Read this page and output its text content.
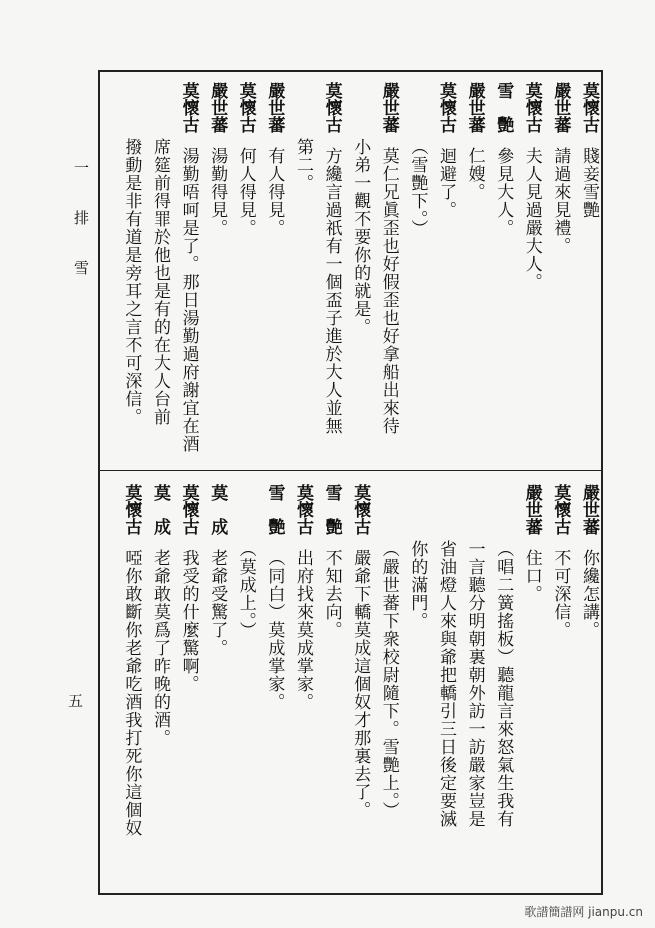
一　排　雪
五
莫懷古賤妾雪艷
嚴世蕃請過來見禮。
莫懷古夫人見過嚴大人。
雪　艷參見大人。
嚴世蕃仁嫂。
莫懷古迴避了。
（雪艷下。）
嚴世蕃莫仁兄眞歪也好假歪也好拿船出來待
小弟一觀不要你的就是。
莫懷古方纔言過祇有一個盃子進於大人並無
第二。
嚴世蕃有人得見。
莫懷古何人得見。
嚴世蕃湯勤得見。
莫懷古湯勤唔呵是了。那日湯勤過府謝宜在酒
席筵前得罪於他也是有的在大人台前
撥動是非有道是旁耳之言不可深信。
嚴世蕃你纔怎講。
莫懷古不可深信。
嚴世蕃住口。
（唱二簧搖板）聽龍言來怒氣生我有
一言聽分明朝裏朝外訪一訪嚴家豈是
省油燈人來與爺把轎引三日後定要滅
你的滿門。
（嚴世蕃下衆校尉隨下。雪艷上。）
莫懷古嚴爺下轎莫成這個奴才那裏去了。
雪　艷不知去向。
莫懷古出府找來莫成掌家。
雪　艷（同白）莫成掌家。
（莫成上。）
莫　成老爺受驚了。
莫懷古我受的什麼驚啊。
莫　成老爺敢莫爲了昨晚的酒。
莫懷古啞你敢斷你老爺吃酒我打死你這個奴
歌譜簡譜网 jianpu.cn
